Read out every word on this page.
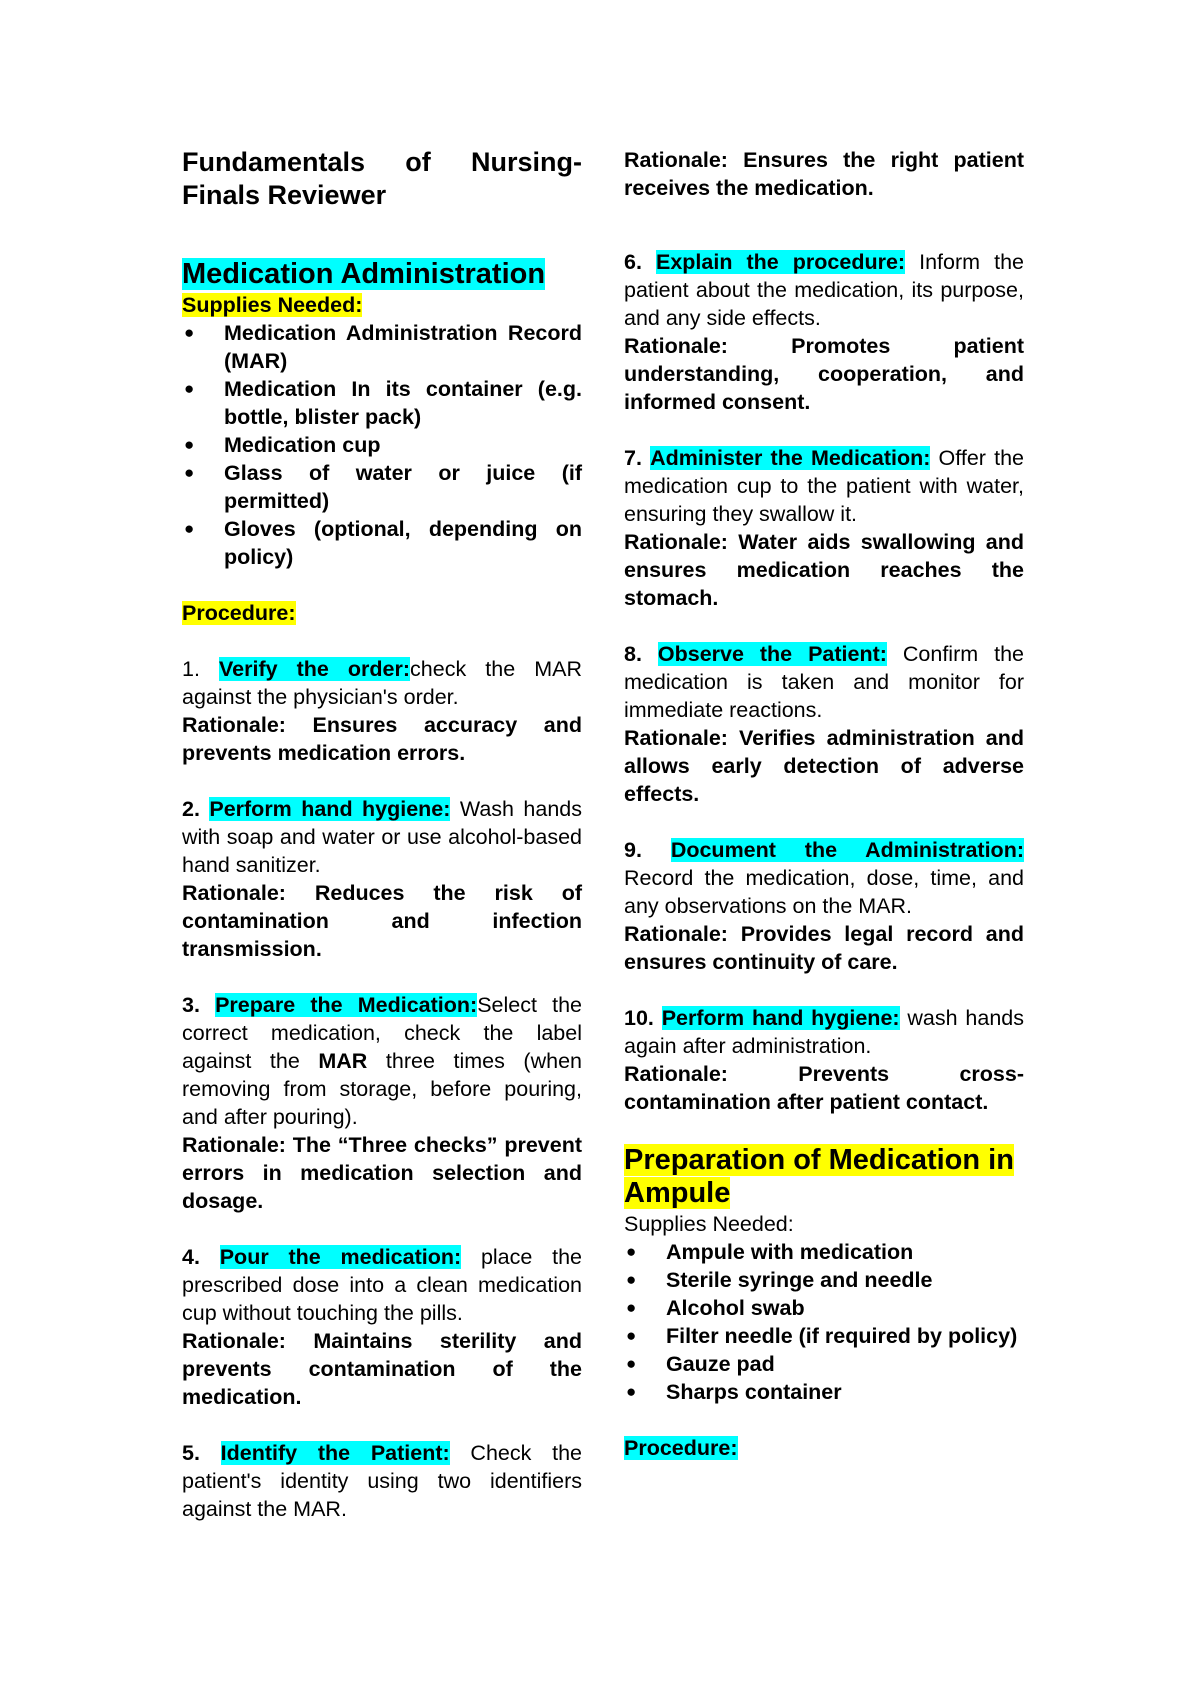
Fundamentals of Nursing- Finals Reviewer
Medication Administration

Supplies Needed:

● Medication Administration Record (MAR)
● Medication In its container (e.g. bottle, blister pack)
● Medication cup
● Glass of water or juice (if permitted)
● Gloves (optional, depending on policy)

Procedure:

1. Verify the order:check the MAR against the physician's order.

Rationale: Ensures accuracy and prevents medication errors.

2. Perform hand hygiene: Wash hands with soap and water or use alcohol-based hand sanitizer.

Rationale: Reduces the risk of contamination and infection transmission.

3. Prepare the Medication:Select the correct medication, check the label against the MAR three times (when removing from storage, before pouring, and after pouring).

Rationale: The “Three checks” prevent errors in medication selection and dosage.

4. Pour the medication: place the prescribed dose into a clean medication cup without touching the pills.

Rationale: Maintains sterility and prevents contamination of the medication.

5. Identify the Patient: Check the patient's identity using two identifiers against the MAR.

Rationale: Ensures the right patient receives the medication.

6. Explain the procedure: Inform the patient about the medication, its purpose, and any side effects.

Rationale: Promotes patient understanding, cooperation, and informed consent.

7. Administer the Medication: Offer the medication cup to the patient with water, ensuring they swallow it.

Rationale: Water aids swallowing and ensures medication reaches the stomach.

8. Observe the Patient: Confirm the medication is taken and monitor for immediate reactions.

Rationale: Verifies administration and allows early detection of adverse effects.

9. Document the Administration: Record the medication, dose, time, and any observations on the MAR.

Rationale: Provides legal record and ensures continuity of care.

10. Perform hand hygiene: wash hands again after administration.

Rationale: Prevents cross-contamination after patient contact.

Preparation of Medication in Ampule

Supplies Needed:

● Ampule with medication
● Sterile syringe and needle
● Alcohol swab
● Filter needle (if required by policy)
● Gauze pad
● Sharps container

Procedure:
